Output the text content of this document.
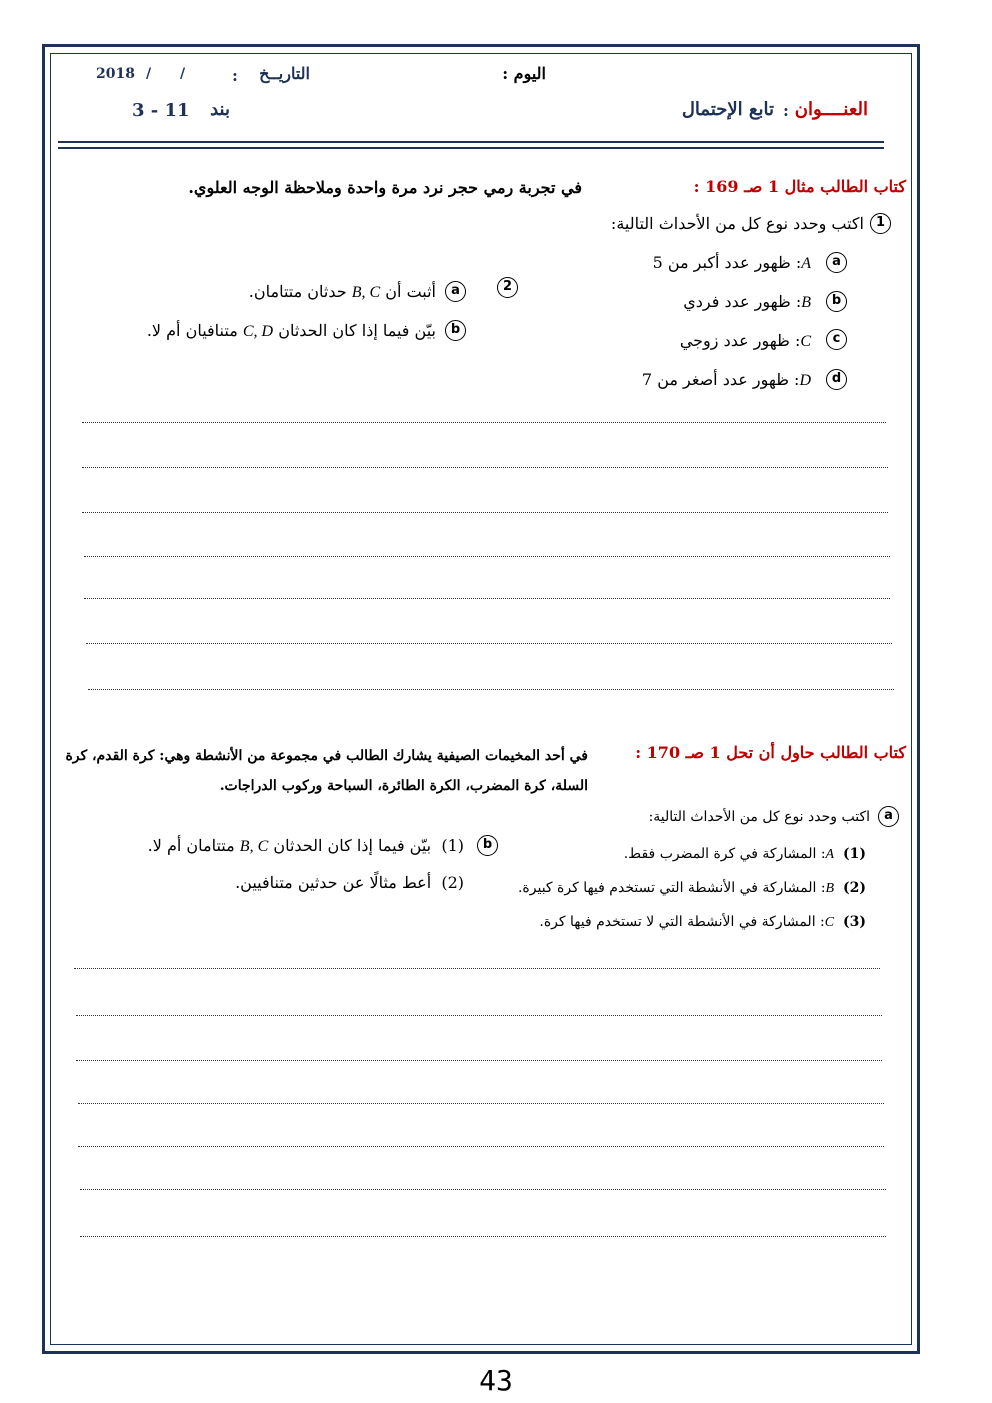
اليوم :
: التاريــخ
/ /
2018
العنــــوان
:
تابع الإحتمال
بند
3 - 11
كتاب الطالب مثال 1 صـ 169 :
في تجربة رمي حجر نرد مرة واحدة وملاحظة الوجه العلوي.
1
اكتب وحدد نوع كل من الأحداث التالية:
a
A: ظهور عدد أكبر من 5
b
B: ظهور عدد فردي
c
C: ظهور عدد زوجي
d
D: ظهور عدد أصغر من 7
2
a
أثبت أن B, C حدثان متتامان.
b
بيّن فيما إذا كان الحدثان C, D متنافيان أم لا.
كتاب الطالب حاول أن تحل 1 صـ 170 :
في أحد المخيمات الصيفية يشارك الطالب في مجموعة من الأنشطة وهي: كرة القدم، كرة
السلة، كرة المضرب، الكرة الطائرة، السباحة وركوب الدراجات.
a
اكتب وحدد نوع كل من الأحداث التالية:
(1)  A: المشاركة في كرة المضرب فقط.
(2)  B: المشاركة في الأنشطة التي تستخدم فيها كرة كبيرة.
(3)  C: المشاركة في الأنشطة التي لا تستخدم فيها كرة.
b
(1)  بيّن فيما إذا كان الحدثان B, C متتامان أم لا.
(2)  أعط مثالًا عن حدثين متنافيين.
43
